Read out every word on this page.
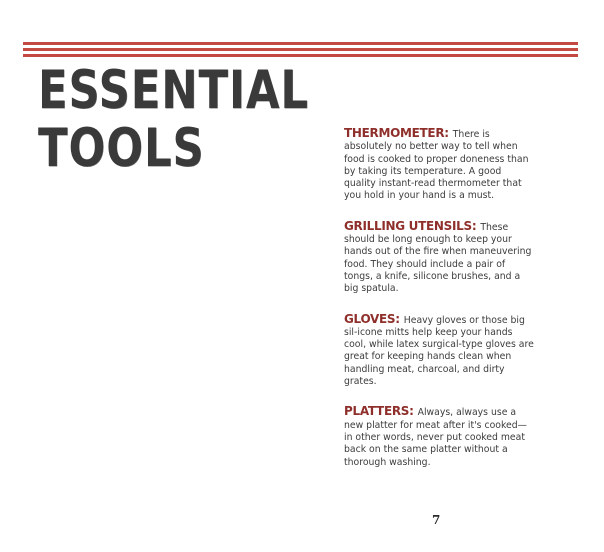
ESSENTIAL
TOOLS	THERMOMETER: There is absolutely no better way to tell when food is cooked to proper doneness than by taking its temperature. A good quality instant-read thermometer that you hold in your hand is a must.

GRILLING UTENSILS: These should be long enough to keep your hands out of the fire when maneuvering food. They should include a pair of tongs, a knife, silicone brushes, and a big spatula.

GLOVES: Heavy gloves or those big sil-icone mitts help keep your hands cool, while latex surgical-type gloves are great for keeping hands clean when handling meat, charcoal, and dirty grates.

PLATTERS: Always, always use a new platter for meat after it's cooked—in other words, never put cooked meat back on the same platter without a thorough washing.

7
